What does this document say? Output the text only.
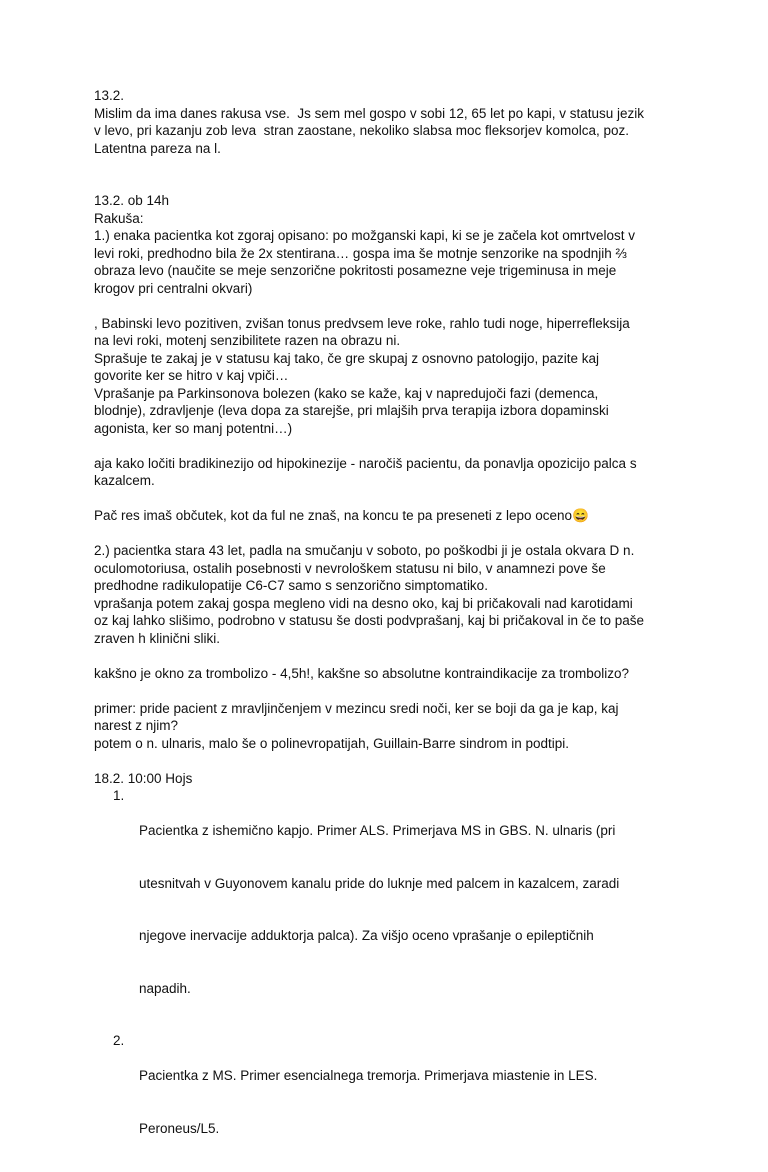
13.2.

Mislim da ima danes rakusa vse.  Js sem mel gospo v sobi 12, 65 let po kapi, v statusu jezik

v levo, pri kazanju zob leva  stran zaostane, nekoliko slabsa moc fleksorjev komolca, poz.

Latentna pareza na l.

13.2. ob 14h

Rakuša:

1.) enaka pacientka kot zgoraj opisano: po možganski kapi, ki se je začela kot omrtvelost v

levi roki, predhodno bila že 2x stentirana… gospa ima še motnje senzorike na spodnjih ⅔

obraza levo (naučite se meje senzorične pokritosti posamezne veje trigeminusa in meje

krogov pri centralni okvari)

, Babinski levo pozitiven, zvišan tonus predvsem leve roke, rahlo tudi noge, hiperrefleksija

na levi roki, motenj senzibilitete razen na obrazu ni.

Sprašuje te zakaj je v statusu kaj tako, če gre skupaj z osnovno patologijo, pazite kaj

govorite ker se hitro v kaj vpiči…

Vprašanje pa Parkinsonova bolezen (kako se kaže, kaj v napredujoči fazi (demenca,

blodnje), zdravljenje (leva dopa za starejše, pri mlajših prva terapija izbora dopaminski

agonista, ker so manj potentni…)

aja kako ločiti bradikinezijo od hipokinezije - naročiš pacientu, da ponavlja opozicijo palca s

kazalcem.

Pač res imaš občutek, kot da ful ne znaš, na koncu te pa preseneti z lepo oceno😄

2.) pacientka stara 43 let, padla na smučanju v soboto, po poškodbi ji je ostala okvara D n.

oculomotoriusa, ostalih posebnosti v nevrološkem statusu ni bilo, v anamnezi pove še

predhodne radikulopatije C6-C7 samo s senzorično simptomatiko.

vprašanja potem zakaj gospa megleno vidi na desno oko, kaj bi pričakovali nad karotidami

oz kaj lahko slišimo, podrobno v statusu še dosti podvprašanj, kaj bi pričakoval in če to paše

zraven h klinični sliki.

kakšno je okno za trombolizo - 4,5h!, kakšne so absolutne kontraindikacije za trombolizo?

primer: pride pacient z mravljinčenjem v mezincu sredi noči, ker se boji da ga je kap, kaj

narest z njim?

potem o n. ulnaris, malo še o polinevropatijah, Guillain-Barre sindrom in podtipi.

18.2. 10:00 Hojs

1.

Pacientka z ishemično kapjo. Primer ALS. Primerjava MS in GBS. N. ulnaris (pri

utesnitvah v Guyonovem kanalu pride do luknje med palcem in kazalcem, zaradi

njegove inervacije adduktorja palca). Za višjo oceno vprašanje o epileptičnih

napadih.

2.

Pacientka z MS. Primer esencialnega tremorja. Primerjava miastenie in LES.

Peroneus/L5.
